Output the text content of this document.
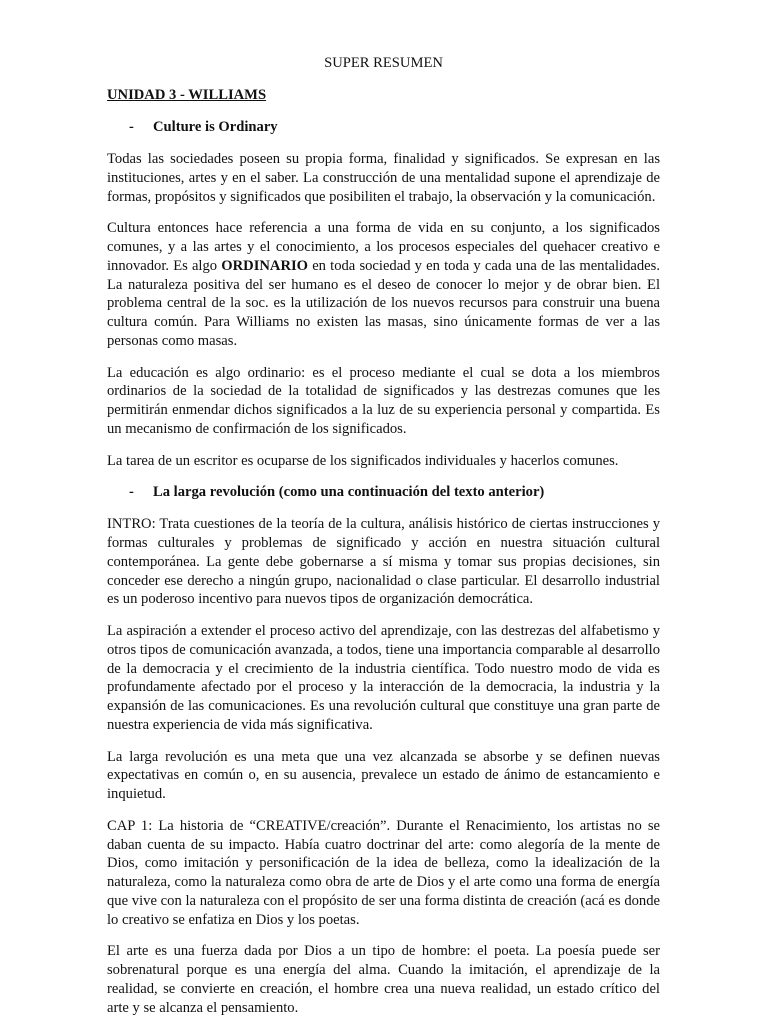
SUPER RESUMEN
UNIDAD 3 - WILLIAMS
-	Culture is Ordinary

Todas las sociedades poseen su propia forma, finalidad y significados. Se expresan en las instituciones, artes y en el saber. La construcción de una mentalidad supone el aprendizaje de formas, propósitos y significados que posibiliten el trabajo, la observación y la comunicación.

Cultura entonces hace referencia a una forma de vida en su conjunto, a los significados comunes, y a las artes y el conocimiento, a los procesos especiales del quehacer creativo e innovador. Es algo ORDINARIO en toda sociedad y en toda y cada una de las mentalidades. La naturaleza positiva del ser humano es el deseo de conocer lo mejor y de obrar bien. El problema central de la soc. es la utilización de los nuevos recursos para construir una buena cultura común. Para Williams no existen las masas, sino únicamente formas de ver a las personas como masas.

La educación es algo ordinario: es el proceso mediante el cual se dota a los miembros ordinarios de la sociedad de la totalidad de significados y las destrezas comunes que les permitirán enmendar dichos significados a la luz de su experiencia personal y compartida. Es un mecanismo de confirmación de los significados.

La tarea de un escritor es ocuparse de los significados individuales y hacerlos comunes.

-	La larga revolución (como una continuación del texto anterior)

INTRO: Trata cuestiones de la teoría de la cultura, análisis histórico de ciertas instrucciones y formas culturales y problemas de significado y acción en nuestra situación cultural contemporánea. La gente debe gobernarse a sí misma y tomar sus propias decisiones, sin conceder ese derecho a ningún grupo, nacionalidad o clase particular. El desarrollo industrial es un poderoso incentivo para nuevos tipos de organización democrática.

La aspiración a extender el proceso activo del aprendizaje, con las destrezas del alfabetismo y otros tipos de comunicación avanzada, a todos, tiene una importancia comparable al desarrollo de la democracia y el crecimiento de la industria científica. Todo nuestro modo de vida es profundamente afectado por el proceso y la interacción de la democracia, la industria y la expansión de las comunicaciones. Es una revolución cultural que constituye una gran parte de nuestra experiencia de vida más significativa.

La larga revolución es una meta que una vez alcanzada se absorbe y se definen nuevas expectativas en común o, en su ausencia, prevalece un estado de ánimo de estancamiento e inquietud.

CAP 1: La historia de “CREATIVE/creación”. Durante el Renacimiento, los artistas no se daban cuenta de su impacto. Había cuatro doctrinar del arte: como alegoría de la mente de Dios, como imitación y personificación de la idea de belleza, como la idealización de la naturaleza, como la naturaleza como obra de arte de Dios y el arte como una forma de energía que vive con la naturaleza con el propósito de ser una forma distinta de creación (acá es donde lo creativo se enfatiza en Dios y los poetas.

El arte es una fuerza dada por Dios a un tipo de hombre: el poeta. La poesía puede ser sobrenatural porque es una energía del alma. Cuando la imitación, el aprendizaje de la realidad, se convierte en creación, el hombre crea una nueva realidad, un estado crítico del arte y se alcanza el pensamiento.
